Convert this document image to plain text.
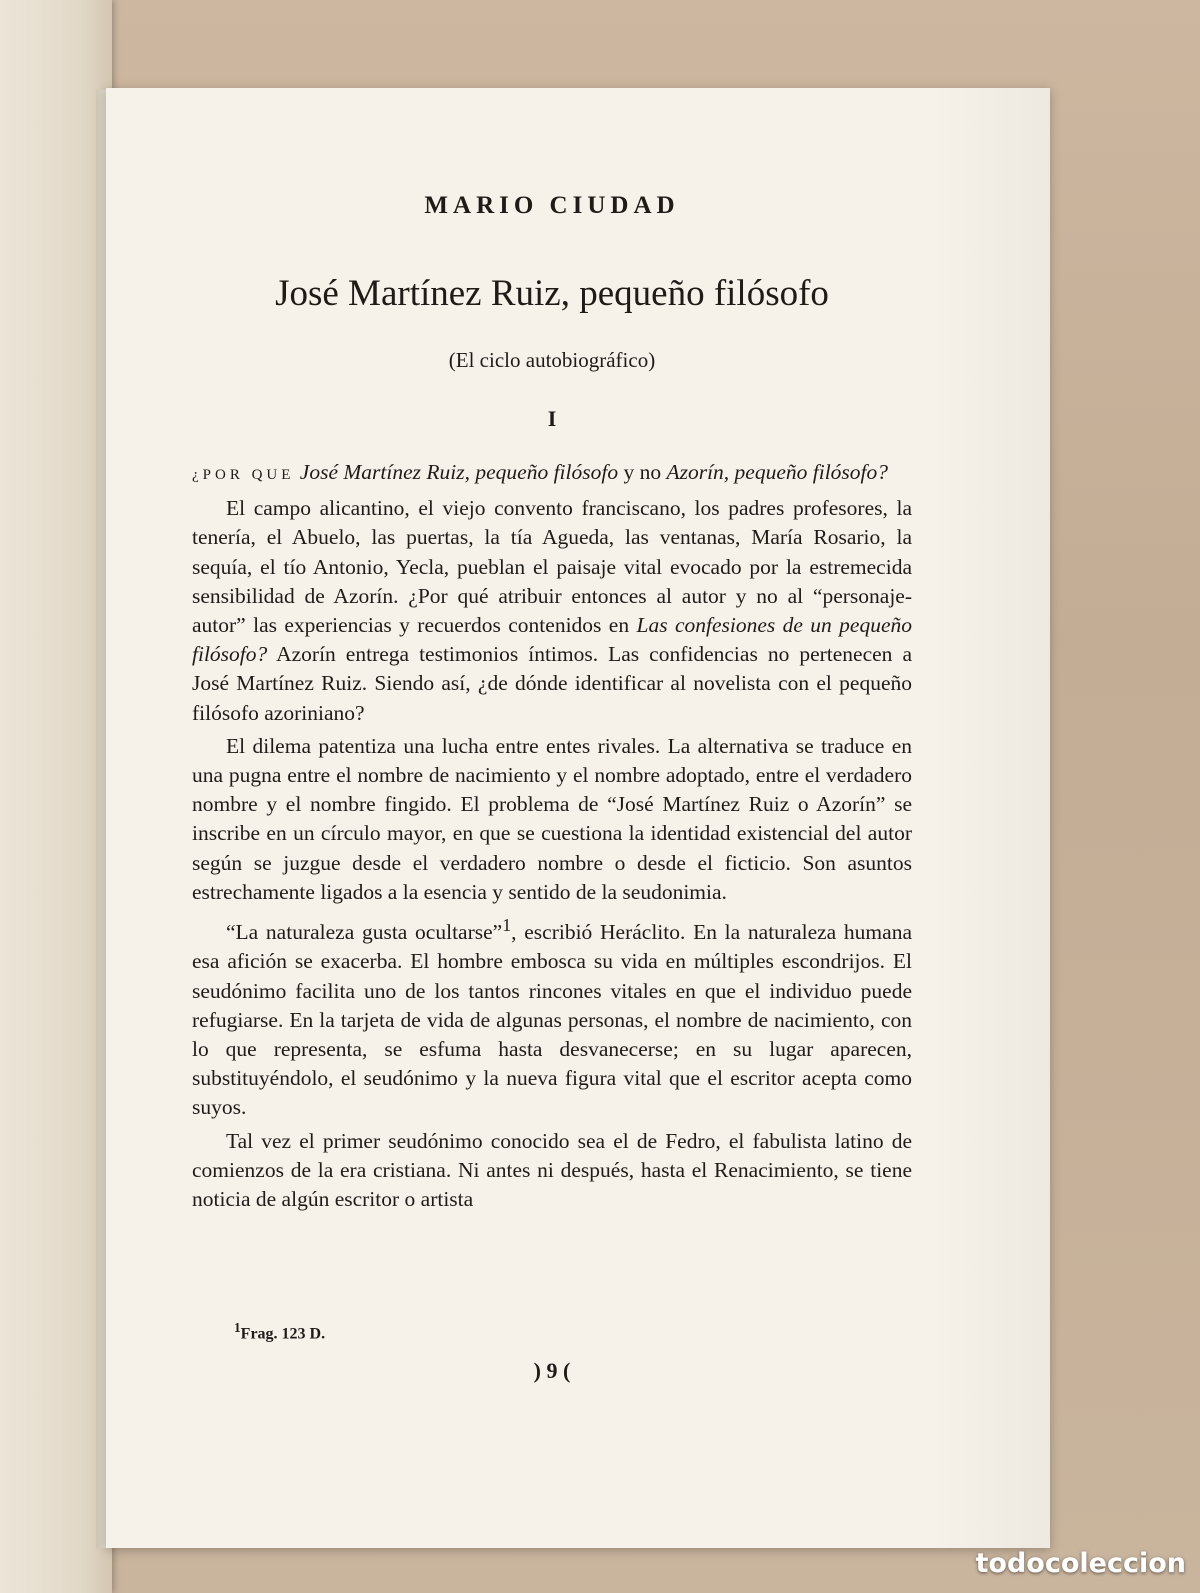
MARIO CIUDAD
José Martínez Ruiz, pequeño filósofo
(El ciclo autobiográfico)
I

¿POR QUE José Martínez Ruiz, pequeño filósofo y no Azorín, pequeño filósofo?

El campo alicantino, el viejo convento franciscano, los padres profesores, la tenería, el Abuelo, las puertas, la tía Agueda, las ventanas, María Rosario, la sequía, el tío Antonio, Yecla, pueblan el paisaje vital evocado por la estremecida sensibilidad de Azorín. ¿Por qué atribuir entonces al autor y no al “personaje-autor” las experiencias y recuerdos contenidos en Las confesiones de un pequeño filósofo? Azorín entrega testimonios íntimos. Las confidencias no pertenecen a José Martínez Ruiz. Siendo así, ¿de dónde identificar al novelista con el pequeño filósofo azoriniano?

El dilema patentiza una lucha entre entes rivales. La alternativa se traduce en una pugna entre el nombre de nacimiento y el nombre adoptado, entre el verdadero nombre y el nombre fingido. El problema de “José Martínez Ruiz o Azorín” se inscribe en un círculo mayor, en que se cuestiona la identidad existencial del autor según se juzgue desde el verdadero nombre o desde el ficticio. Son asuntos estrechamente ligados a la esencia y sentido de la seudonimia.

“La naturaleza gusta ocultarse”$^1$, escribió Heráclito. En la naturaleza humana esa afición se exacerba. El hombre embosca su vida en múltiples escondrijos. El seudónimo facilita uno de los tantos rincones vitales en que el individuo puede refugiarse. En la tarjeta de vida de algunas personas, el nombre de nacimiento, con lo que representa, se esfuma hasta desvanecerse; en su lugar aparecen, substituyéndolo, el seudónimo y la nueva figura vital que el escritor acepta como suyos.

Tal vez el primer seudónimo conocido sea el de Fedro, el fabulista latino de comienzos de la era cristiana. Ni antes ni después, hasta el Renacimiento, se tiene noticia de algún escritor o artista

$^1$Frag. 123 D.
) 9 (
todocoleccion
